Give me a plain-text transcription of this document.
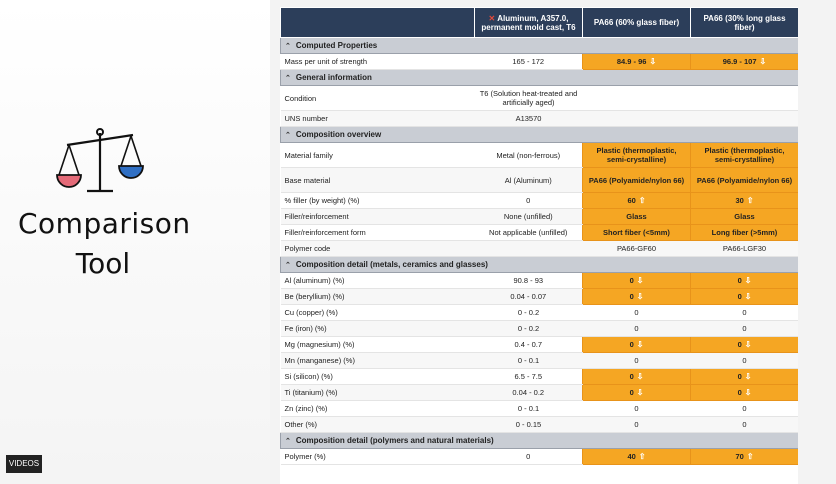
Comparison
Tool
VIDEOS
	✕ Aluminum, A357.0, permanent mold cast, T6	PA66 (60% glass fiber)	PA66 (30% long glass fiber)
⌃ Computed Properties			
Mass per unit of strength	165 - 172	84.9 - 96 ⇩	96.9 - 107 ⇩
⌃ General information			
Condition	T6 (Solution heat-treated and artificially aged)		
UNS number	A13570		
⌃ Composition overview			
Material family	Metal (non-ferrous)	Plastic (thermoplastic, semi-crystalline)	Plastic (thermoplastic, semi-crystalline)
Base material	Al (Aluminum)	PA66 (Polyamide/nylon 66)	PA66 (Polyamide/nylon 66)
% filler (by weight) (%)	0	60 ⇧	30 ⇧
Filler/reinforcement	None (unfilled)	Glass	Glass
Filler/reinforcement form	Not applicable (unfilled)	Short fiber (<5mm)	Long fiber (>5mm)
Polymer code		PA66-GF60	PA66-LGF30
⌃ Composition detail (metals, ceramics and glasses)			
Al (aluminum) (%)	90.8 - 93	0 ⇩	0 ⇩
Be (beryllium) (%)	0.04 - 0.07	0 ⇩	0 ⇩
Cu (copper) (%)	0 - 0.2	0	0
Fe (iron) (%)	0 - 0.2	0	0
Mg (magnesium) (%)	0.4 - 0.7	0 ⇩	0 ⇩
Mn (manganese) (%)	0 - 0.1	0	0
Si (silicon) (%)	6.5 - 7.5	0 ⇩	0 ⇩
Ti (titanium) (%)	0.04 - 0.2	0 ⇩	0 ⇩
Zn (zinc) (%)	0 - 0.1	0	0
Other (%)	0 - 0.15	0	0
⌃ Composition detail (polymers and natural materials)			
Polymer (%)	0	40 ⇧	70 ⇧
